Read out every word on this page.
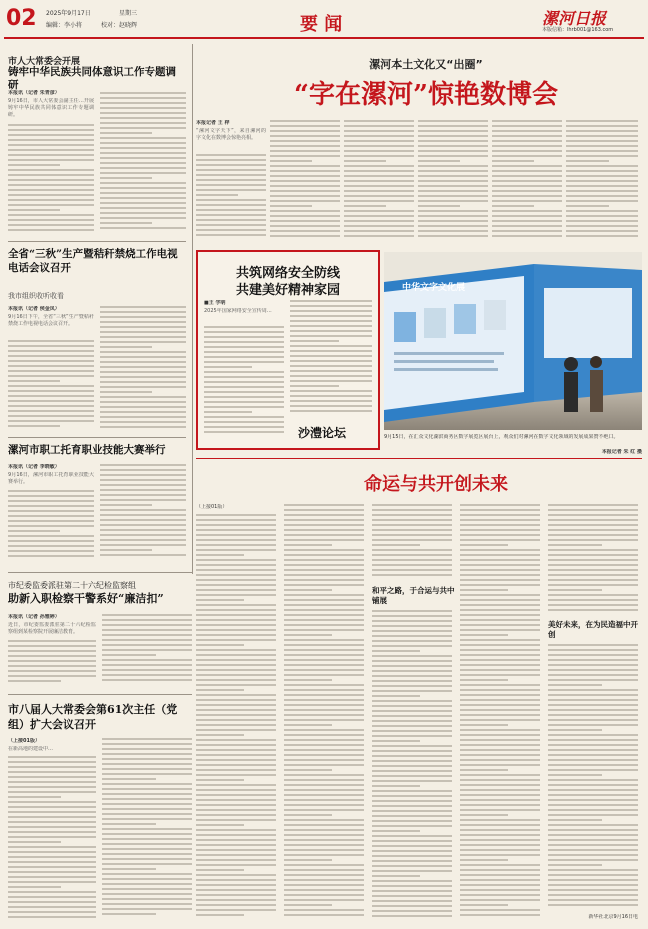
02 2025年9月17日	星期三
编辑：李小将	校对：赵晓辉	要 闻	漯河日报
本版信箱：lhrb001@163.com
市人大常委会开展
铸牢中华民族共同体意识工作专题调研
本报讯（记者 朱青彦）
9月16日，市人大常委会副主任…开展铸牢中华民族共同体意识工作专题调研。
全省“三秋”生产暨秸秆禁烧工作电视电话会议召开
我市组织收听收看
本报讯（记者 侯金凤）
9月16日下午，全省“三秋”生产暨秸秆禁烧工作电视电话会议召开。
漯河市职工托育职业技能大赛举行
本报讯（记者 李晓敏）
9月16日，漯河市职工托育职业技能大赛举行。
漯河本土文化又“出圈”
“字在漯河”惊艳数博会
本报记者 王 梓
“漯河文字天下”，来自漯河的字文化在数博会惊艳亮相。
共筑网络安全防线
共建美好精神家园
■王 学明
2025年国家网络安全宣传周…
沙澧论坛
中华文字文化展
9月15日，在汇众文化湖滨商务区数字展览区展台上，观众们对漯河在数字文化领域的发展成果赞不绝口。
本报记者 朱 红 摄
命运与共开创未来
（上接01版）
和平之路，于合运与共中铺展
美好未来，在为民造福中开创
新华社北京9月16日电
市纪委监委派驻第二十六纪检监察组
助新入职检察干警系好“廉洁扣”
本报讯（记者 孙雅婷）
近日，市纪委监委派驻第二十六纪检监察组到某检察院开展廉洁教育。
市八届人大常委会第61次主任（党组）扩大会议召开
（上接01版）
在新高地的建设中…
